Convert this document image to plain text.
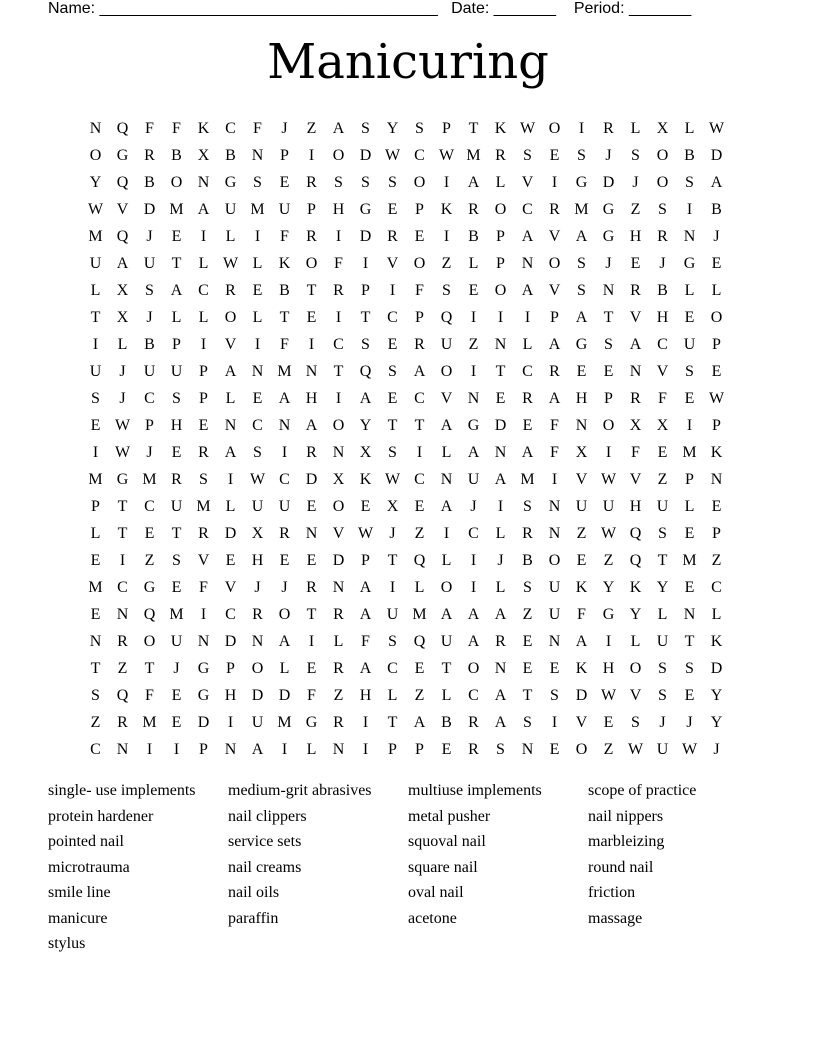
Name: ______________________________________ Date: _______ Period: _______
Manicuring
N Q	F	F	K C	F	J	Z	A	S	Y	S	P	T	K W O	I	R	L	X	L W
O G R	B X B N	P	I	O D W C W M R	S	E	S	J	S	O B D
Y Q B O N G	S	E	R	S	S	S	O	I	A	L	V	I	G D	J	O	S	A
W V D M A U M U	P	H G	E	P	K R O C	R M G	Z	S	I	B
M Q	J	E	I	L	I	F	R	I	D R	E	I	B	P	A V A G H R N	J
U A U	T	L W L	K O	F	I	V O	Z	L	P	N O	S	J	E	J	G	E
L	X	S	A C	R	E	B	T	R	P	I	F	S	E	O A V	S	N R	B	L	L
T	X	J	L	L	O	L	T	E	I	T	C	P	Q	I	I	I	P	A	T	V H	E	O
I	L	B	P	I	V	I	F	I	C	S	E	R U	Z	N	L	A G	S	A C U	P
U	J	U U	P	A N M N	T	Q	S	A O	I	T	C	R	E	E	N V	S	E
S	J	C	S	P	L	E	A H	I	A	E	C V N	E	R A H	P	R	F	E W
E W P	H	E	N C N A O Y	T	T	A G D	E	F	N O X X	I	P
I	W	J	E	R A	S	I	R N X	S	I	L	A N A	F	X	I	F	E M K
M G M R	S	I	W C D X K W C N U A M	I	V W V	Z	P	N
P	T	C U M L	U U	E	O	E	X	E	A	J	I	S	N U U H U	L	E
L	T	E	T	R D X R N V W	J	Z	I	C	L	R N	Z W Q	S	E	P
E	I	Z	S	V	E	H	E	E	D	P	T	Q	L	I	J	B O	E	Z	Q	T M Z
M C G	E	F	V	J	J	R N A	I	L	O	I	L	S	U K Y K Y	E	C
E	N Q M	I	C	R O	T	R A U M A A A	Z	U	F	G Y	L	N	L
N R O U N D N A	I	L	F	S	Q U A R	E	N A	I	L	U	T	K
T	Z	T	J	G	P	O	L	E	R A C	E	T	O N	E	E	K H O	S	S	D
S	Q	F	E	G H D D	F	Z	H	L	Z	L	C A	T	S	D W V	S	E	Y
Z	R M E	D	I	U M G R	I	T	A B	R A	S	I	V	E	S	J	J	Y
C N	I	I	P	N A	I	L	N	I	P	P	E	R	S	N	E	O	Z W U W	J
single- use implements	medium-grit abrasives	multiuse implements	scope of practice
protein hardener	nail clippers	metal pusher	nail nippers
pointed nail	service sets	squoval nail	marbleizing
microtrauma	nail creams	square nail	round nail
smile line	nail oils	oval nail	friction
manicure	paraffin	acetone	massage
stylus
